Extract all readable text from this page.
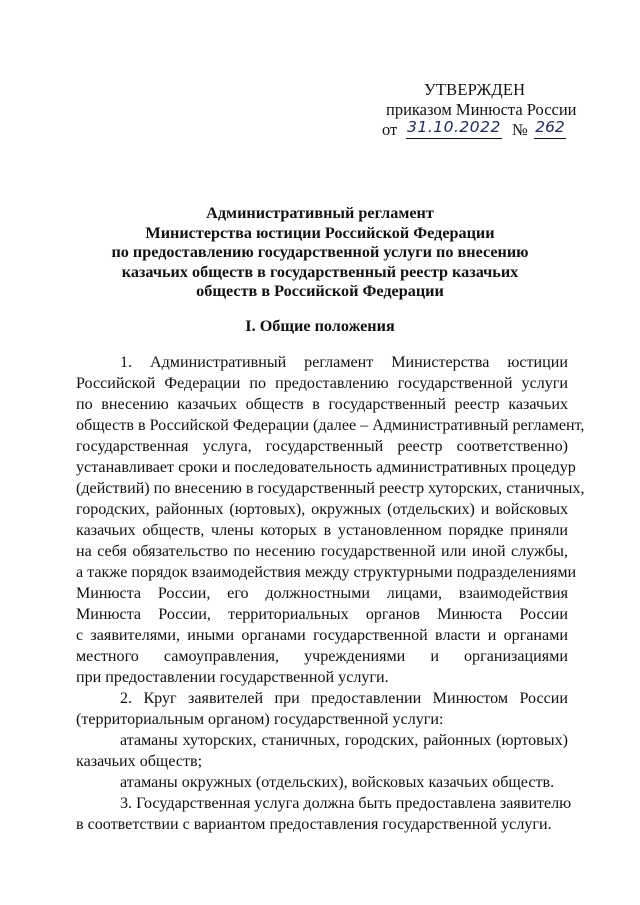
УТВЕРЖДЕН
приказом Минюста России
от 31.10.2022 № 262
Административный регламент
Министерства юстиции Российской Федерации
по предоставлению государственной услуги по внесению
казачьих обществ в государственный реестр казачьих
обществ в Российской Федерации
I. Общие положения
1. Административный регламент Министерства юстиции
Российской Федерации по предоставлению государственной услуги
по внесению казачьих обществ в государственный реестр казачьих
обществ в Российской Федерации (далее – Административный регламент,
государственная услуга, государственный реестр соответственно)
устанавливает сроки и последовательность административных процедур
(действий) по внесению в государственный реестр хуторских, станичных,
городских, районных (юртовых), окружных (отдельских) и войсковых
казачьих обществ, члены которых в установленном порядке приняли
на себя обязательство по несению государственной или иной службы,
а также порядок взаимодействия между структурными подразделениями
Минюста России, его должностными лицами, взаимодействия
Минюста России, территориальных органов Минюста России
с заявителями, иными органами государственной власти и органами
местного самоуправления, учреждениями и организациями
при предоставлении государственной услуги.
2. Круг заявителей при предоставлении Минюстом России
(территориальным органом) государственной услуги:
атаманы хуторских, станичных, городских, районных (юртовых)
казачьих обществ;
атаманы окружных (отдельских), войсковых казачьих обществ.
3. Государственная услуга должна быть предоставлена заявителю
в соответствии с вариантом предоставления государственной услуги.
